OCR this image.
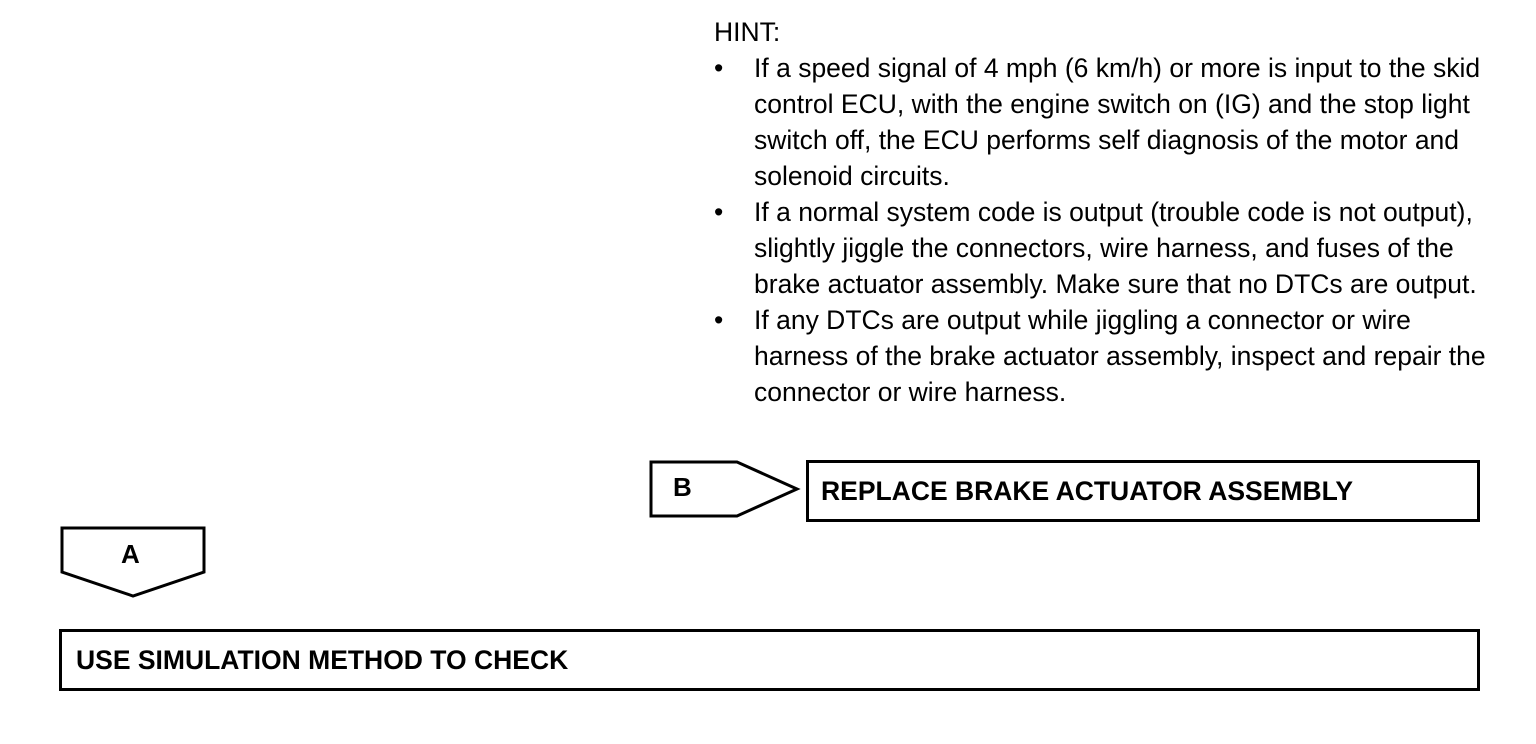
HINT:

• If a speed signal of 4 mph (6 km/h) or more is input to the skid control ECU, with the engine switch on (IG) and the stop light switch off, the ECU performs self diagnosis of the motor and solenoid circuits.
• If a normal system code is output (trouble code is not output), slightly jiggle the connectors, wire harness, and fuses of the brake actuator assembly. Make sure that no DTCs are output.
• If any DTCs are output while jiggling a connector or wire harness of the brake actuator assembly, inspect and repair the connector or wire harness.
B	REPLACE BRAKE ACTUATOR ASSEMBLY
A
USE SIMULATION METHOD TO CHECK
